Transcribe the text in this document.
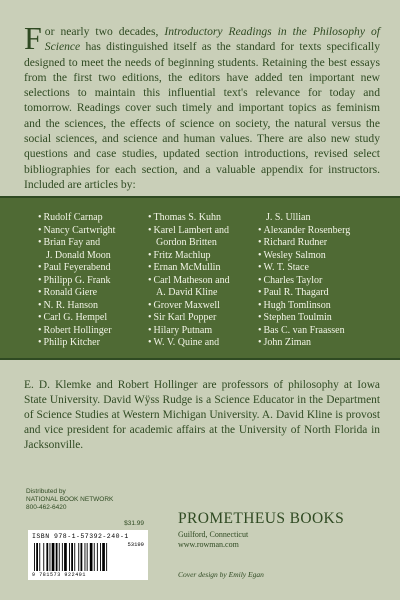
For nearly two decades, Introductory Readings in the Philosophy of Science has distinguished itself as the standard for texts specifically designed to meet the needs of beginning students. Retaining the best essays from the first two editions, the editors have added ten important new selections to maintain this influential text's relevance for today and tomorrow. Readings cover such timely and important topics as feminism and the sciences, the effects of science on society, the natural versus the social sciences, and science and human values. There are also new study questions and case studies, updated section introductions, revised select bibliographies for each section, and a valuable appendix for instructors. Included are articles by:
• Rudolf Carnap
• Nancy Cartwright
• Brian Fay and
J. Donald Moon
• Paul Feyerabend
• Philipp G. Frank
• Ronald Giere
• N. R. Hanson
• Carl G. Hempel
• Robert Hollinger
• Philip Kitcher
• Thomas S. Kuhn
• Karel Lambert and
Gordon Britten
• Fritz Machlup
• Ernan McMullin
• Carl Matheson and
A. David Kline
• Grover Maxwell
• Sir Karl Popper
• Hilary Putnam
• W. V. Quine and
J. S. Ullian
• Alexander Rosenberg
• Richard Rudner
• Wesley Salmon
• W. T. Stace
• Charles Taylor
• Paul R. Thagard
• Hugh Tomlinson
• Stephen Toulmin
• Bas C. van Fraassen
• John Ziman
E. D. Klemke and Robert Hollinger are professors of philosophy at Iowa State University. David Wÿss Rudge is a Science Educator in the Department of Science Studies at Western Michigan University. A. David Kline is provost and vice president for academic affairs at the University of North Florida in Jacksonville.
Distributed by
NATIONAL BOOK NETWORK
800-462-6420
$31.99
ISBN 978-1-57392-240-1
9 781573 922401
53199
PROMETHEUS BOOKS
Guilford, Connecticut
www.rowman.com
Cover design by Emily Egan
